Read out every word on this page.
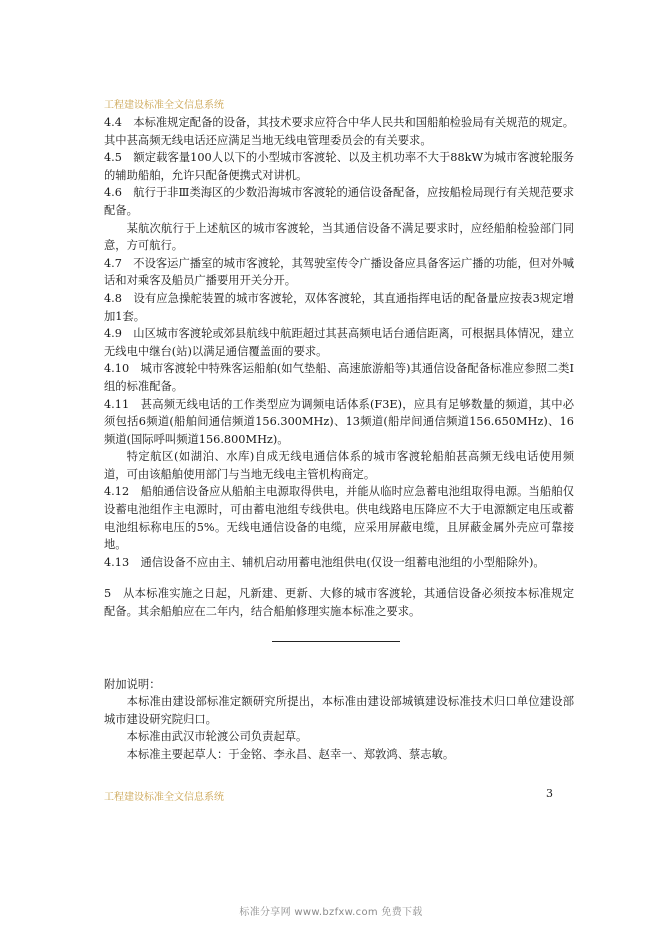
工程建设标准全文信息系统

4.4　本标准规定配备的设备，其技术要求应符合中华人民共和国船舶检验局有关规范的规定。其中甚高频无线电话还应满足当地无线电管理委员会的有关要求。

4.5　额定载客量100人以下的小型城市客渡轮、以及主机功率不大于88kW为城市客渡轮服务的辅助船舶，允许只配备便携式对讲机。

4.6　航行于非Ⅲ类海区的少数沿海城市客渡轮的通信设备配备，应按船检局现行有关规范要求配备。

某航次航行于上述航区的城市客渡轮，当其通信设备不满足要求时，应经船舶检验部门同意，方可航行。

4.7　不设客运广播室的城市客渡轮，其驾驶室传令广播设备应具备客运广播的功能，但对外喊话和对乘客及船员广播要用开关分开。

4.8　设有应急操舵装置的城市客渡轮，双体客渡轮，其直通指挥电话的配备量应按表3规定增加1套。

4.9　山区城市客渡轮或郊县航线中航距超过其甚高频电话台通信距离，可根据具体情况，建立无线电中继台(站)以满足通信覆盖面的要求。

4.10　城市客渡轮中特殊客运船舶(如气垫船、高速旅游船等)其通信设备配备标准应参照二类Ⅰ组的标准配备。

4.11　甚高频无线电话的工作类型应为调频电话体系(F3E)，应具有足够数量的频道，其中必须包括6频道(船舶间通信频道156.300MHz)、13频道(船岸间通信频道156.650MHz)、16频道(国际呼叫频道156.800MHz)。

特定航区(如湖泊、水库)自成无线电通信体系的城市客渡轮船舶甚高频无线电话使用频道，可由该船舶使用部门与当地无线电主管机构商定。

4.12　船舶通信设备应从船舶主电源取得供电，并能从临时应急蓄电池组取得电源。当船舶仅设蓄电池组作主电源时，可由蓄电池组专线供电。供电线路电压降应不大于电源额定电压或蓄电池组标称电压的5%。无线电通信设备的电缆，应采用屏蔽电缆，且屏蔽金属外壳应可靠接地。

4.13　通信设备不应由主、辅机启动用蓄电池组供电(仅设一组蓄电池组的小型船除外)。

5　从本标准实施之日起，凡新建、更新、大修的城市客渡轮，其通信设备必须按本标准规定配备。其余船舶应在二年内，结合船舶修理实施本标准之要求。

附加说明：

本标准由建设部标准定额研究所提出，本标准由建设部城镇建设标准技术归口单位建设部城市建设研究院归口。

本标准由武汉市轮渡公司负责起草。

本标准主要起草人：于金铭、李永昌、赵幸一、郑敦鸿、蔡志敏。

工程建设标准全文信息系统	3
标准分享网 www.bzfxw.com 免费下载
